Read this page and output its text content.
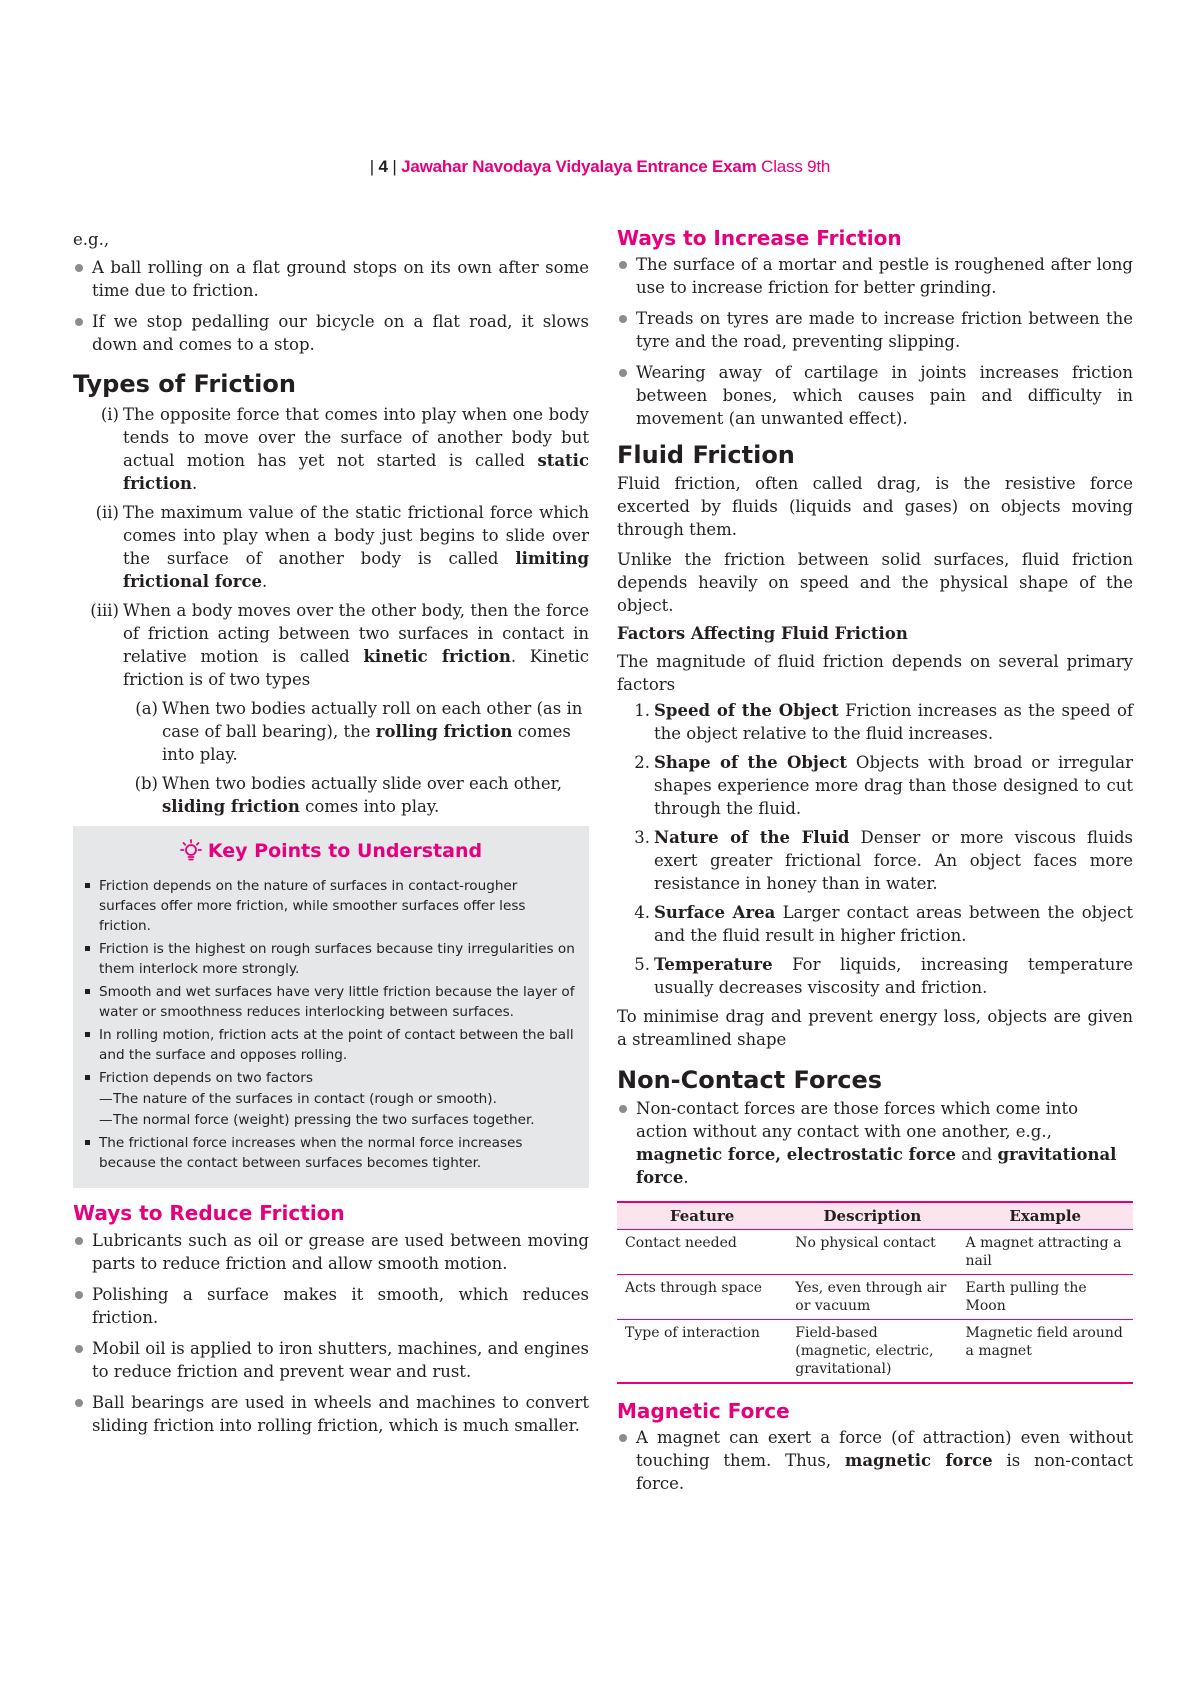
| 4 | Jawahar Navodaya Vidyalaya Entrance Exam Class 9th

e.g.,

A ball rolling on a flat ground stops on its own after some time due to friction.
If we stop pedalling our bicycle on a flat road, it slows down and comes to a stop.
Types of Friction
(i) The opposite force that comes into play when one body tends to move over the surface of another body but actual motion has yet not started is called static friction.
(ii) The maximum value of the static frictional force which comes into play when a body just begins to slide over the surface of another body is called limiting frictional force.
(iii) When a body moves over the other body, then the force of friction acting between two surfaces in contact in relative motion is called kinetic friction. Kinetic friction is of two types
(a) When two bodies actually roll on each other (as in case of ball bearing), the rolling friction comes into play.
(b) When two bodies actually slide over each other, sliding friction comes into play.
Key Points to Understand
Friction depends on the nature of surfaces in contact-rougher surfaces offer more friction, while smoother surfaces offer less friction.
Friction is the highest on rough surfaces because tiny irregularities on them interlock more strongly.
Smooth and wet surfaces have very little friction because the layer of water or smoothness reduces interlocking between surfaces.
In rolling motion, friction acts at the point of contact between the ball and the surface and opposes rolling.
Friction depends on two factors
— The nature of the surfaces in contact (rough or smooth).
— The normal force (weight) pressing the two surfaces together.
The frictional force increases when the normal force increases because the contact between surfaces becomes tighter.
Ways to Reduce Friction
Lubricants such as oil or grease are used between moving parts to reduce friction and allow smooth motion.
Polishing a surface makes it smooth, which reduces friction.
Mobil oil is applied to iron shutters, machines, and engines to reduce friction and prevent wear and rust.
Ball bearings are used in wheels and machines to convert sliding friction into rolling friction, which is much smaller.
Ways to Increase Friction
The surface of a mortar and pestle is roughened after long use to increase friction for better grinding.
Treads on tyres are made to increase friction between the tyre and the road, preventing slipping.
Wearing away of cartilage in joints increases friction between bones, which causes pain and difficulty in movement (an unwanted effect).
Fluid Friction

Fluid friction, often called drag, is the resistive force excerted by fluids (liquids and gases) on objects moving through them.

Unlike the friction between solid surfaces, fluid friction depends heavily on speed and the physical shape of the object.

Factors Affecting Fluid Friction

The magnitude of fluid friction depends on several primary factors

1. Speed of the Object Friction increases as the speed of the object relative to the fluid increases.
2. Shape of the Object Objects with broad or irregular shapes experience more drag than those designed to cut through the fluid.
3. Nature of the Fluid Denser or more viscous fluids exert greater frictional force. An object faces more resistance in honey than in water.
4. Surface Area Larger contact areas between the object and the fluid result in higher friction.
5. Temperature For liquids, increasing temperature usually decreases viscosity and friction.

To minimise drag and prevent energy loss, objects are given a streamlined shape

Non-Contact Forces
Non-contact forces are those forces which come into action without any contact with one another, e.g., magnetic force, electrostatic force and gravitational force.
Feature	Description	Example
Contact needed	No physical contact	A magnet attracting a nail
Acts through space	Yes, even through air or vacuum	Earth pulling the Moon
Type of interaction	Field-based (magnetic, electric, gravitational)	Magnetic field around a magnet
Magnetic Force
A magnet can exert a force (of attraction) even without touching them. Thus, magnetic force is non-contact force.
